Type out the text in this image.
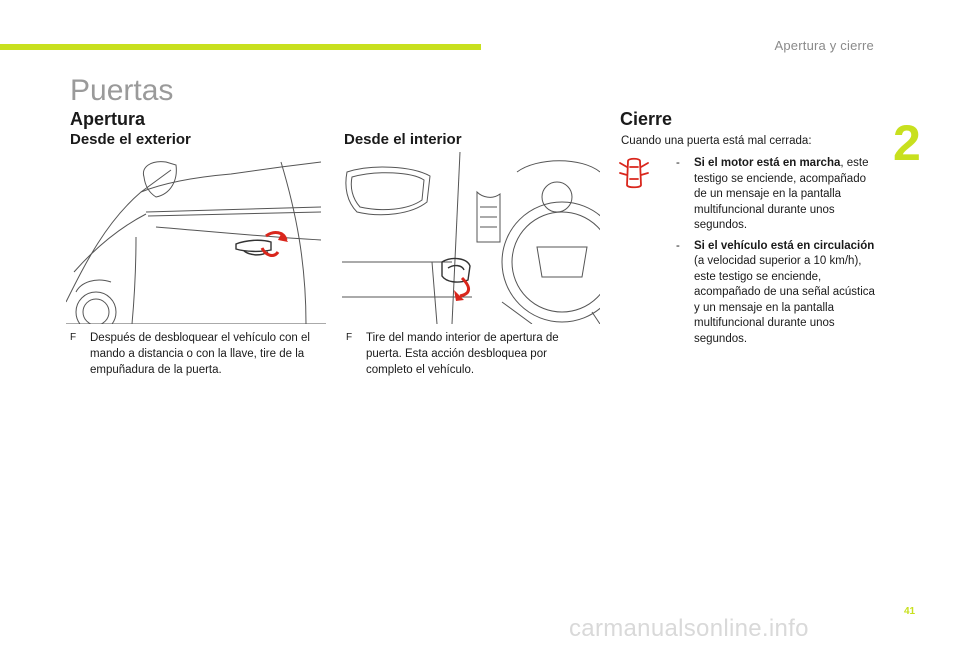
Apertura y cierre
2
Puertas
Apertura
Desde el exterior	Desde el interior
Cierre
F	Después de desbloquear el vehículo con el mando a distancia o con la llave, tire de la empuñadura de la puerta.
F	Tire del mando interior de apertura de puerta. Esta acción desbloquea por completo el vehículo.
Cuando una puerta está mal cerrada:
- Si el motor está en marcha, este testigo se enciende, acompañado de un mensaje en la pantalla multifuncional durante unos segundos.
- Si el vehículo está en circulación (a velocidad superior a 10 km/h), este testigo se enciende, acompañado de una señal acústica y un mensaje en la pantalla multifuncional durante unos segundos.
41
carmanualsonline.info
